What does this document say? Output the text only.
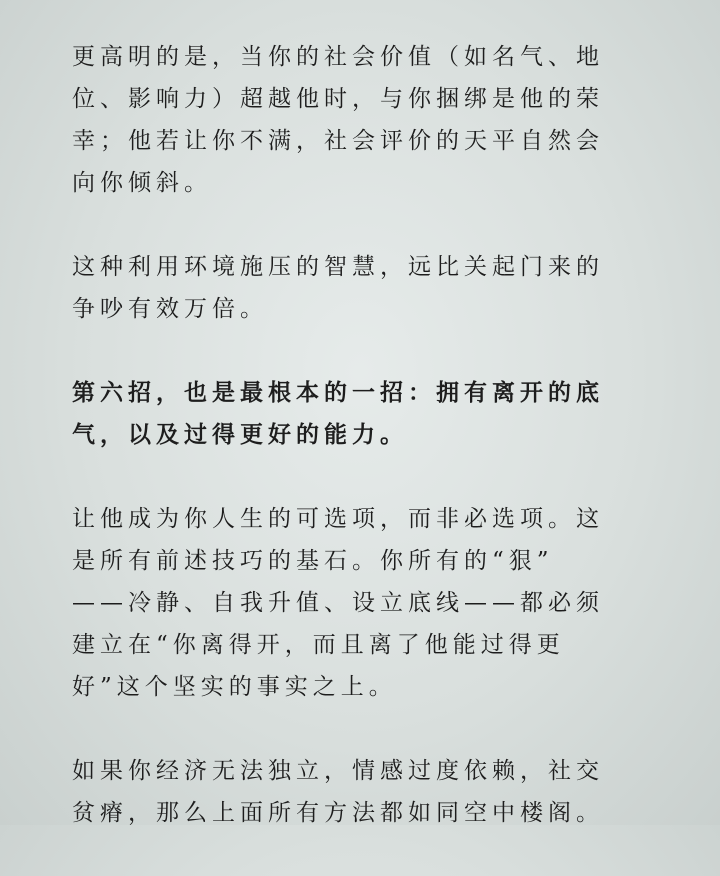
更高明的是，当你的社会价值（如名气、地
位、影响力）超越他时，与你捆绑是他的荣
幸；他若让你不满，社会评价的天平自然会
向你倾斜。
这种利用环境施压的智慧，远比关起门来的
争吵有效万倍。
第六招，也是最根本的一招：拥有离开的底
气，以及过得更好的能力。
让他成为你人生的可选项，而非必选项。这
是所有前述技巧的基石。你所有的“狠”
——冷静、自我升值、设立底线——都必须
建立在“你离得开，而且离了他能过得更
好”这个坚实的事实之上。
如果你经济无法独立，情感过度依赖，社交
贫瘠，那么上面所有方法都如同空中楼阁。
